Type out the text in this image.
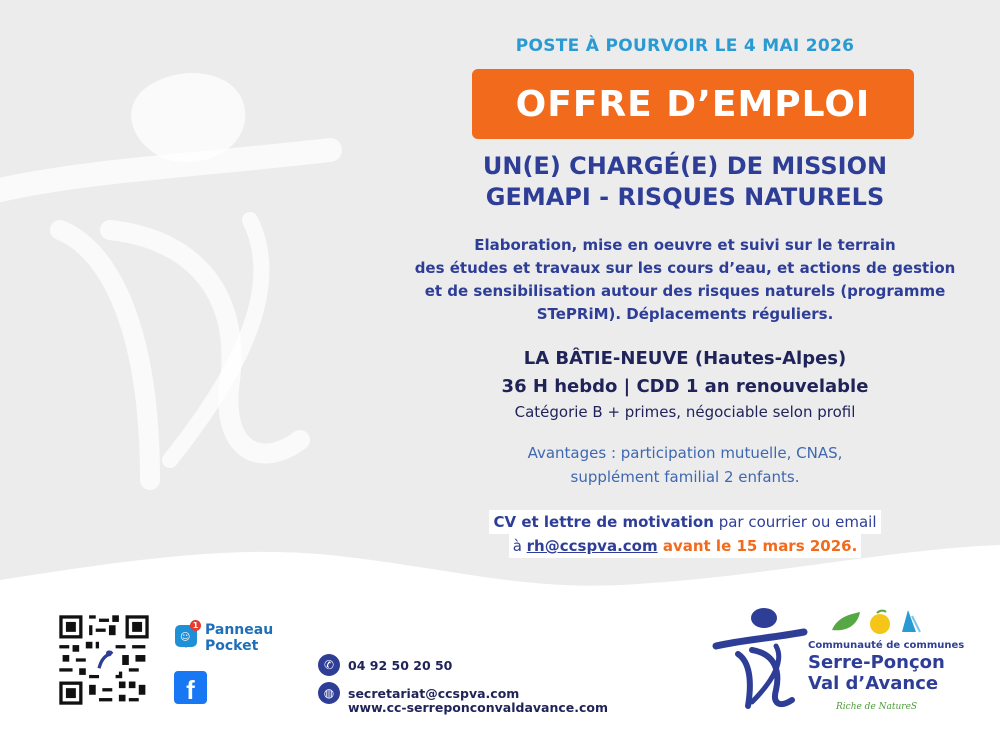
POSTE À POURVOIR LE 4 MAI 2026
OFFRE D’EMPLOI
UN(E) CHARGÉ(E) DE MISSION
GEMAPI - RISQUES NATURELS
Elaboration, mise en oeuvre et suivi sur le terrain
des études et travaux sur les cours d’eau, et actions de gestion
et de sensibilisation autour des risques naturels (programme
STePRiM). Déplacements réguliers.
LA BÂTIE-NEUVE (Hautes-Alpes)
36 H hebdo | CDD 1 an renouvelable
Catégorie B + primes, négociable selon profil
Avantages : participation mutuelle, CNAS,
supplément familial 2 enfants.
CV et lettre de motivation par courrier ou email
à rh@ccspva.com avant le 15 mars 2026.
☺
1 Panneau
Pocket
f
✆	04 92 50 20 50
◍	secretariat@ccspva.com
www.cc-serreponconvaldavance.com
Communauté de communes
Serre-Ponçon
Val d’Avance
Riche de NatureS
